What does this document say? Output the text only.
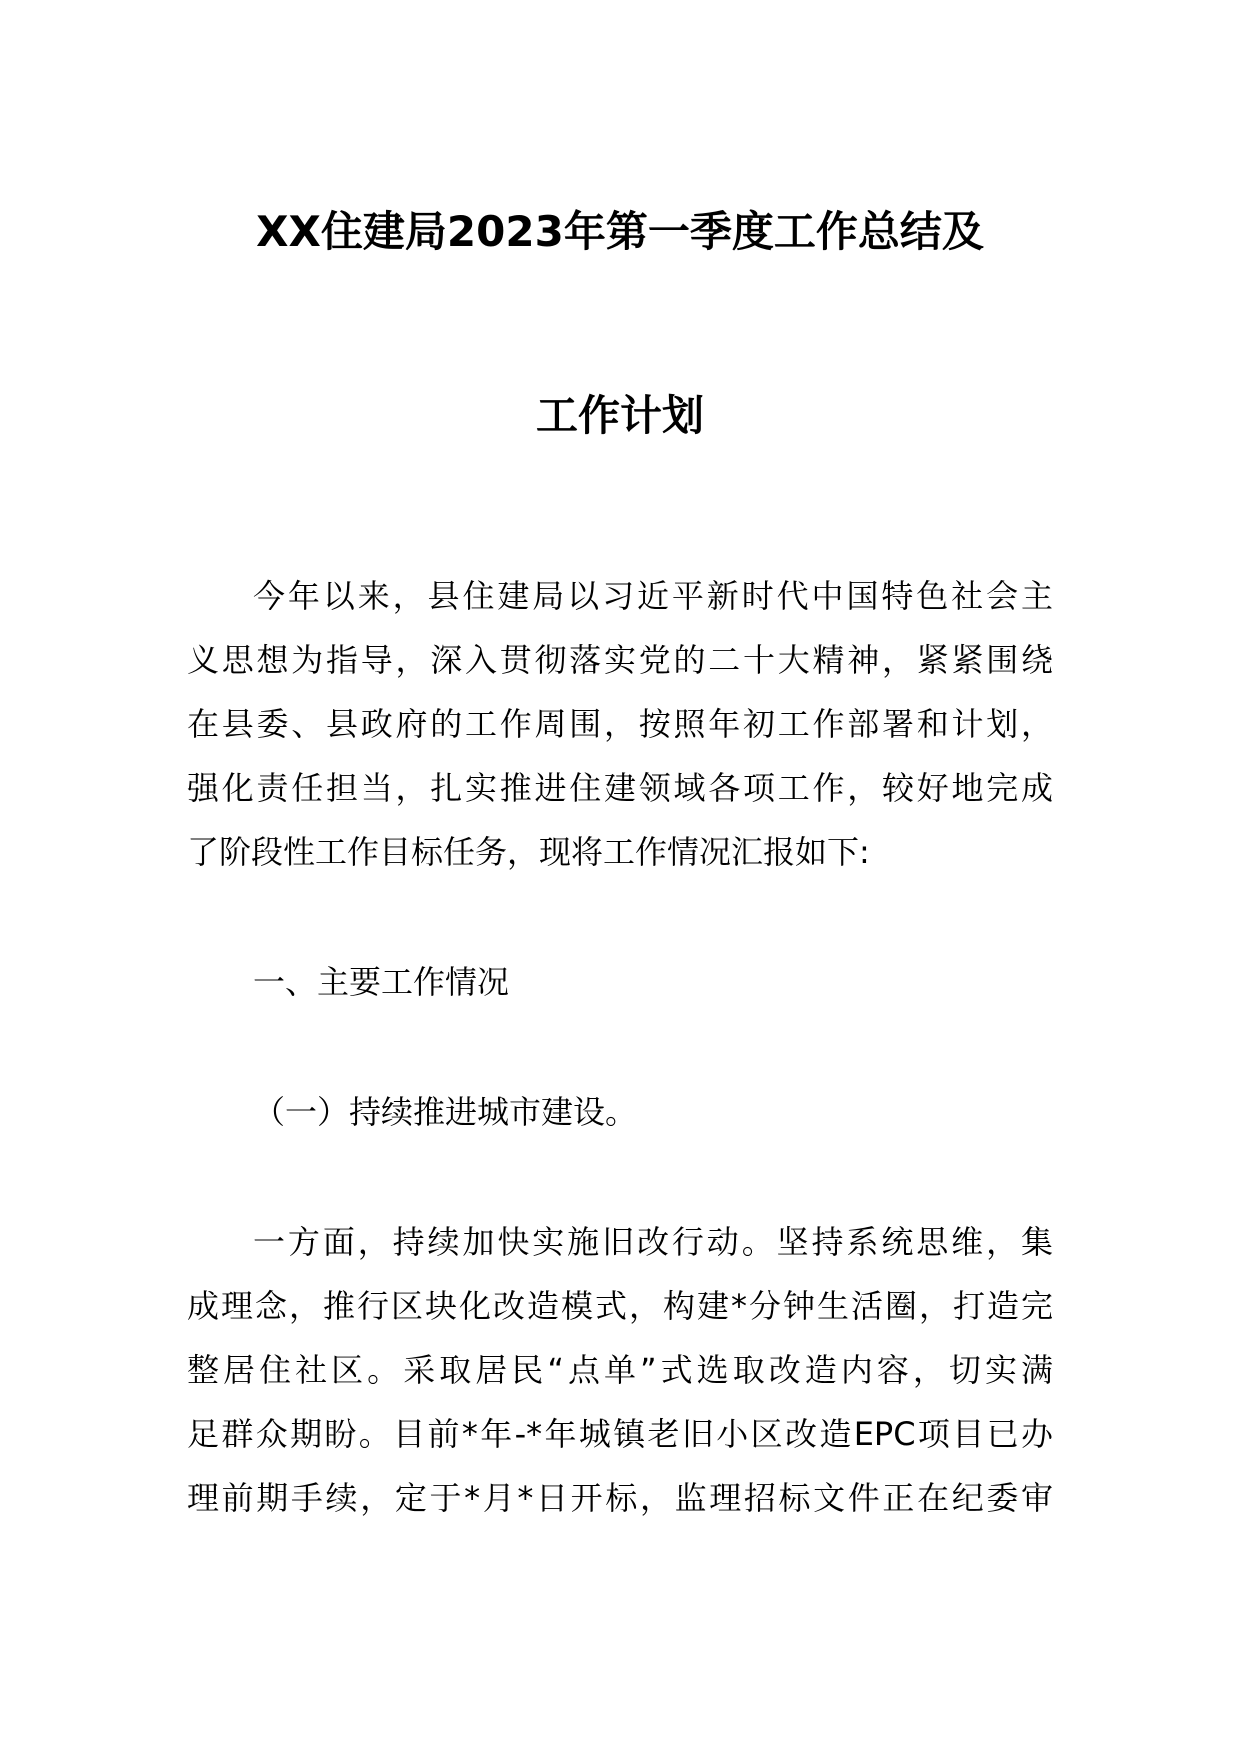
XX住建局2023年第一季度工作总结及
工作计划
今年以来，县住建局以习近平新时代中国特色社会主
义思想为指导，深入贯彻落实党的二十大精神，紧紧围绕
在县委、县政府的工作周围，按照年初工作部署和计划，
强化责任担当，扎实推进住建领域各项工作，较好地完成
了阶段性工作目标任务，现将工作情况汇报如下:
一、主要工作情况
（一）持续推进城市建设。
一方面，持续加快实施旧改行动。坚持系统思维，集
成理念，推行区块化改造模式，构建*分钟生活圈，打造完
整居住社区。采取居民“点单”式选取改造内容，切实满
足群众期盼。目前*年-*年城镇老旧小区改造EPC项目已办
理前期手续，定于*月*日开标，监理招标文件正在纪委审
